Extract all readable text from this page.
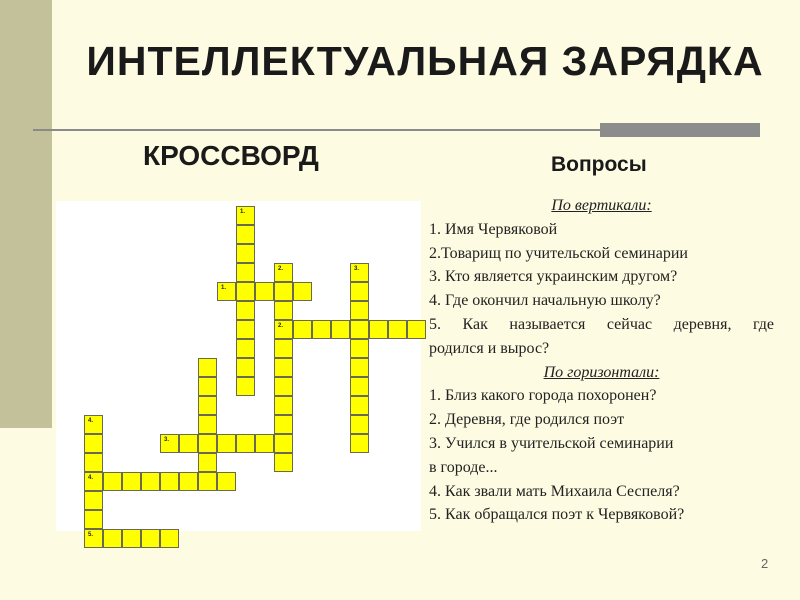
ИНТЕЛЛЕКТУАЛЬНАЯ ЗАРЯДКА
КРОССВОРД	Вопросы
1.
2.	3.
1.
2.
4.
3.
4.
5.
По вертикали:
1. Имя Червяковой
2.Товарищ по учительской семинарии
3. Кто является украинским другом?
4. Где окончил начальную школу?
5. Как называется сейчас деревня, где
родился и вырос?
По горизонтали:
1. Близ какого города похоронен?
2. Деревня, где родился поэт
3. Учился в учительской семинарии
в городе...
4. Как звали мать Михаила Сеспеля?
5. Как обращался поэт к Червяковой?
2
